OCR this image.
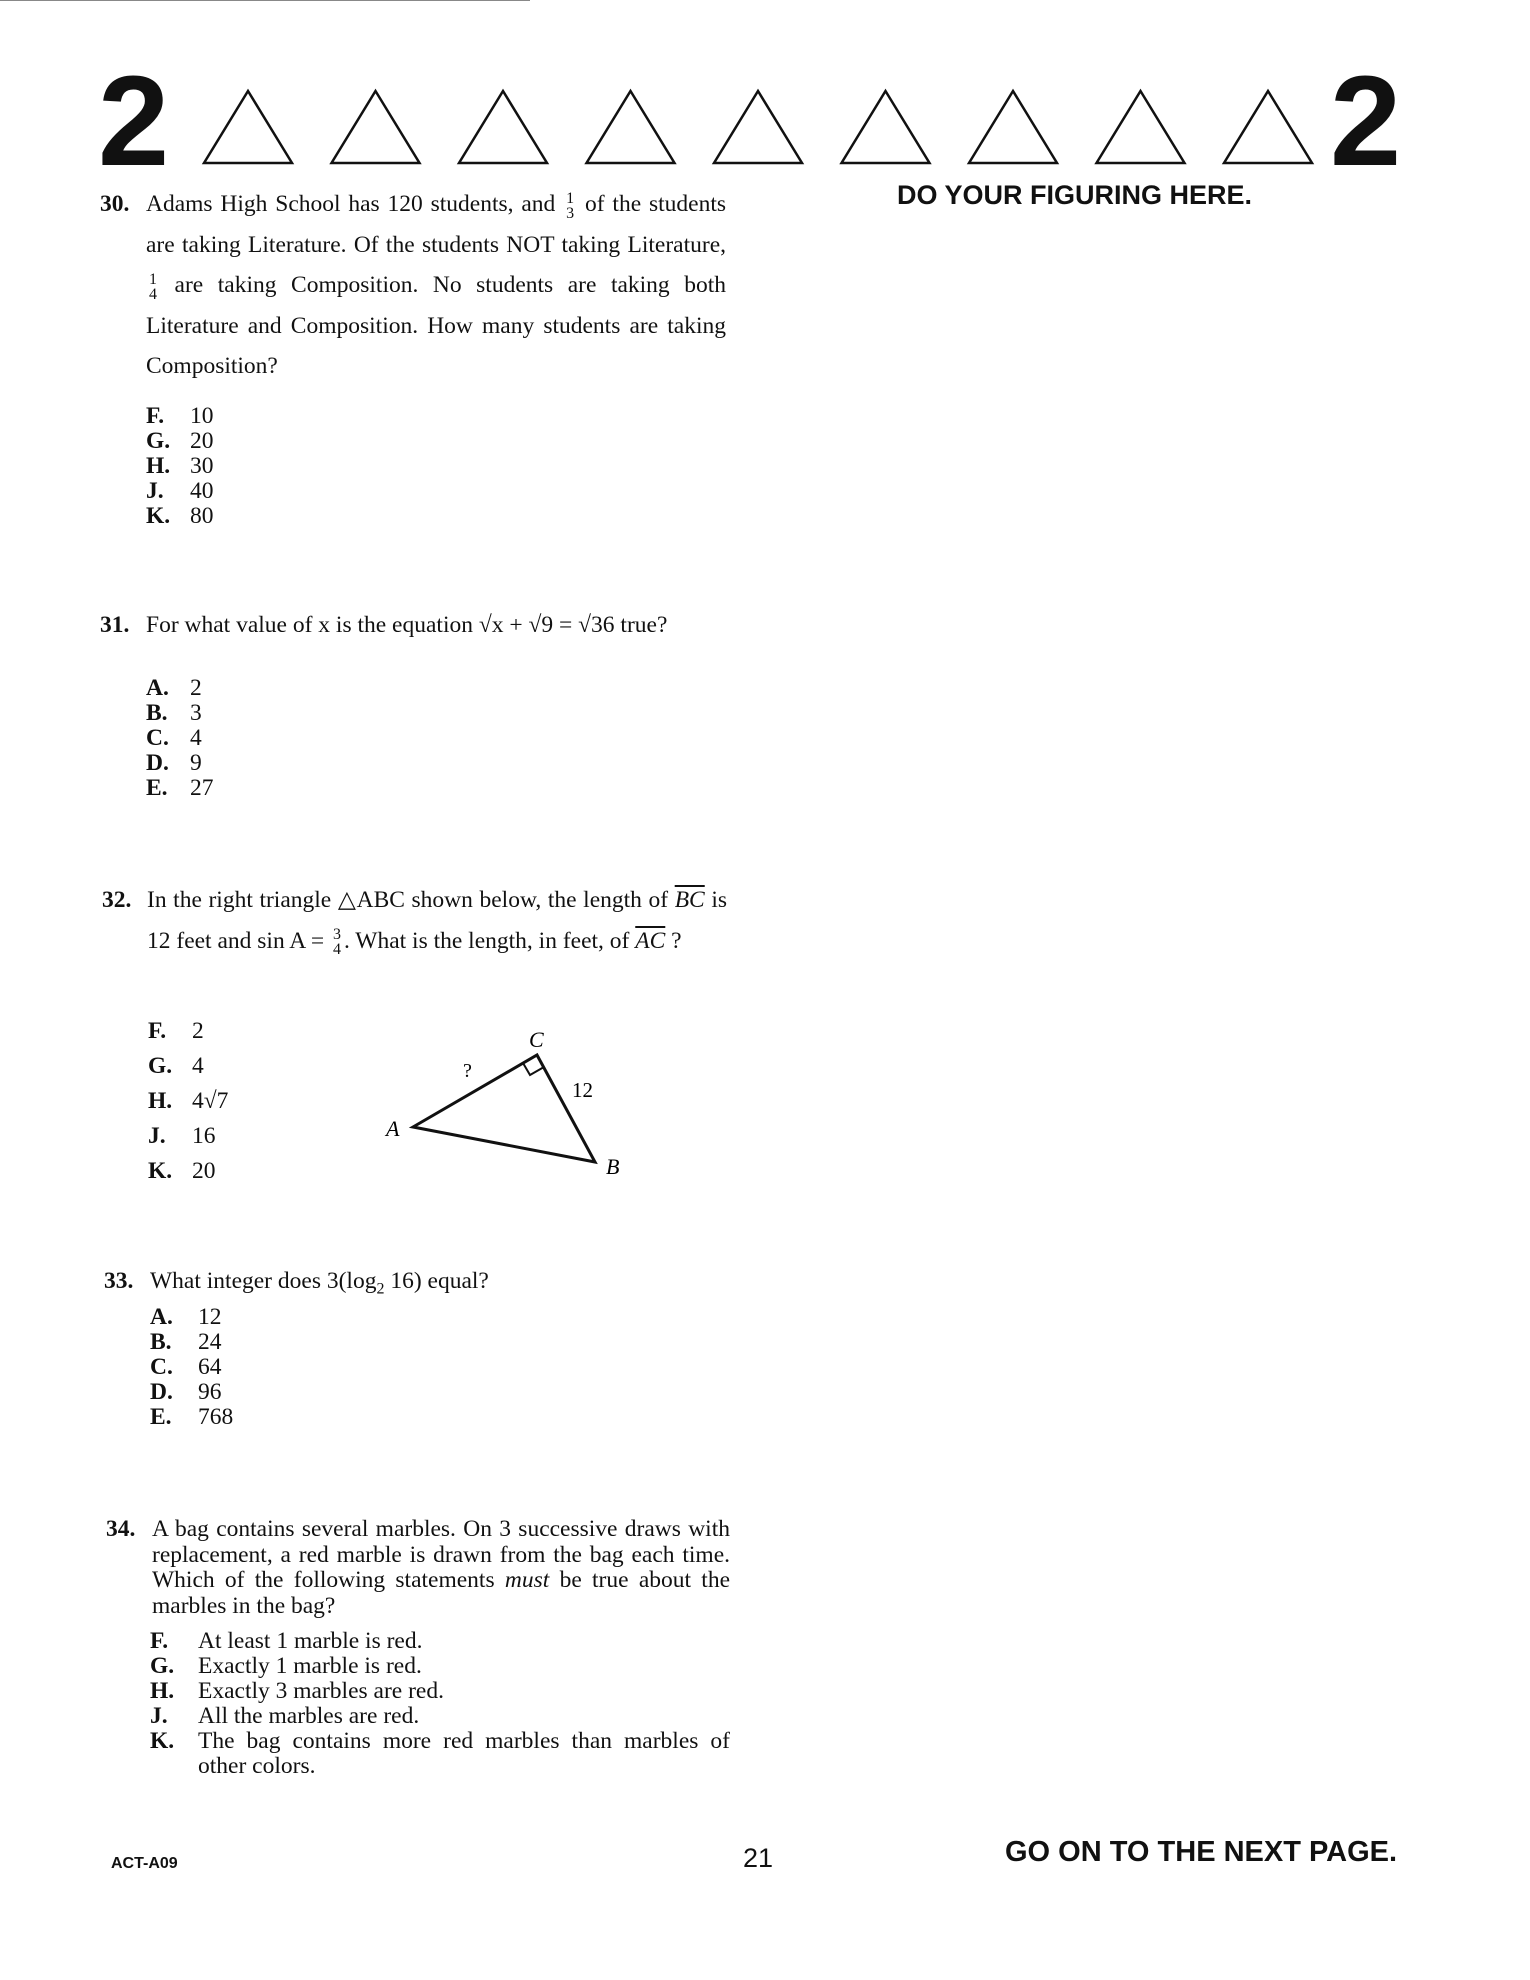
2	2
DO YOUR FIGURING HERE.
30. Adams High School has 120 students, and 1
3 of the students are taking Literature. Of the students NOT taking Literature,
1
4 are taking Composition. No students are taking both Literature and Composition. How many students are taking Composition?
F.	10
G. 20
H. 30
J.	40
K. 80
31. For what value of x is the equation √x + √9 = √36 true?
A. 2
B. 3
C. 4
D. 9
E. 27
32. In the right triangle △ABC shown below, the length of $\overline{BC}$ is 12 feet and sin A = 3
4 . What is the length, in feet, of $\overline{AC}$ ?
F.	2
G. 4
H. 4√7
J.	16
K. 20
A
C
B
?
12
33. What integer does $3(\log_2$ 16) equal?
A.	12
B.	24
C.	64
D.	96
E.	768
34. A bag contains several marbles. On 3 successive draws with replacement, a red marble is drawn from the bag each time. Which of the following statements must be true about the marbles in the bag?
F.	At least 1 marble is red.
G.	Exactly 1 marble is red.
H.	Exactly 3 marbles are red.
J.	All the marbles are red.
K.	The bag contains more red marbles than marbles of other colors.
ACT-A09	21	GO ON TO THE NEXT PAGE.
